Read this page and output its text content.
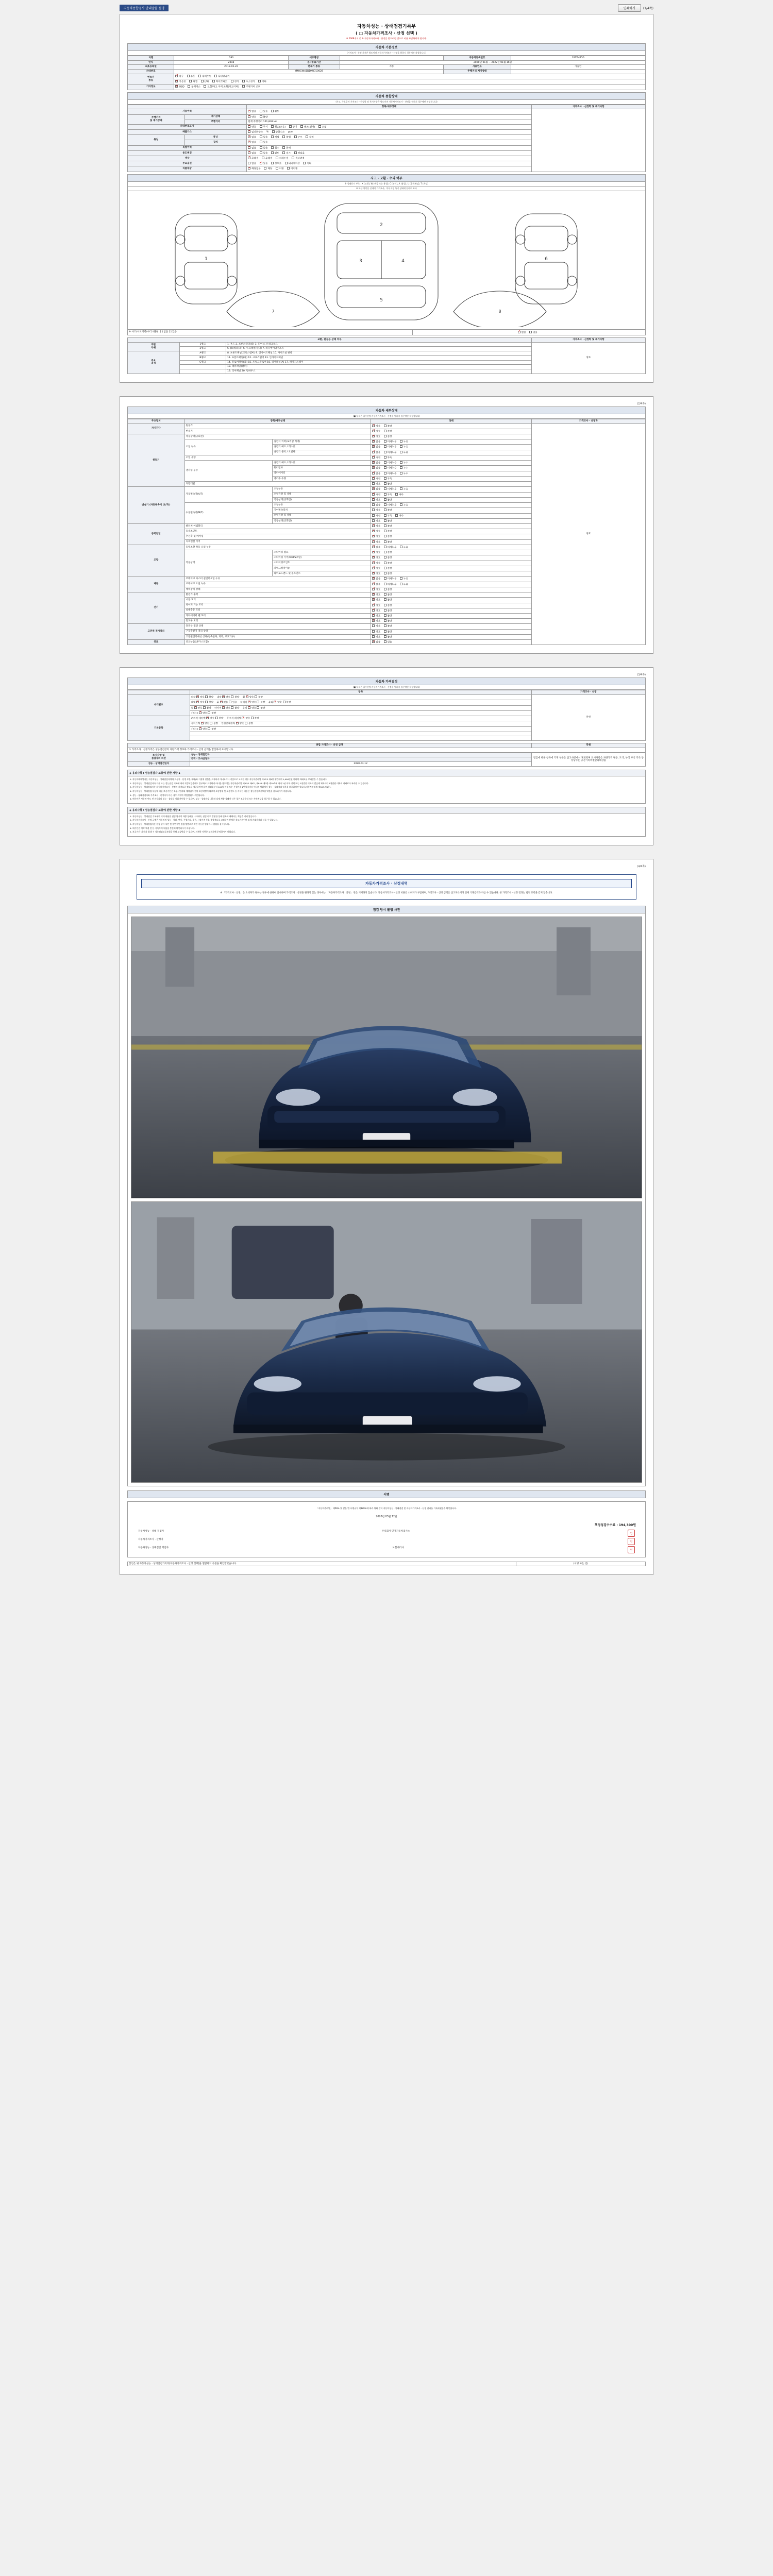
자동차종합검사·안내말씀·설명	인쇄하기	(1/4쪽)
자동차성능 · 상태점검기록부
( □ 자동차가격조사 · 산정 선택 )
※ 2068개지 중 ※ 자동차가격조사 · 산정을 받으려면 별도로 비용 부담하셔야 합니다.
자동차 기본정보
(가격조사 · 산정 가격은 별도이며 자동차가격조사 · 산정을 원하지 경우에만 작성합니다)
차명	G80	세부명칭		자동차등록번호	32ZA4756
연식	2018	검사유효기간	2020년 01월 ~ 2022년 01월 16일		
최초등록일	2018-02-22	변속기 종류	자동	사용연료	가솔린
차대번호	KMHGW41DDKU310028			주행거리 계기상태	
변속기
종류	✔자동 수동 세미오토 무단변속기
✔가솔린 디젤 LPG 하이브리드 전기 수소전기 기타
기타정보	✔OBD 블랙박스 보험/사고 이력 조회(사고이력) 주행거리 조회
자동차 종합상태
(사고, 주요골격 가격조사 · 산정학 및 특기사항은 별도이며 자동차가격조사 · 산정을 원하지 경우에만 작성합니다)
		항목/세부상태	가격조사 · 산정학 및 특기사항
사용이력	✔없음 있음 렌트	
주행거리
및 계기상태	계기상태	✔양호 불량
	주행거리	현재 주행거리 161,838 km	
차대번호표기	✔양호 부식 훼손(오손) 상이 변조(변타) 도말
배출가스	✔일산화탄소 % 탄화수소 ppm
튜닝	튜닝	✔없음 있음 적법 불법 구조 장치
	장치	✔없음 있음
특별이력	✔없음 있음 침수 화재
용도변경	✔없음 있음 렌트 리스 영업용
색상	✔무채색 유채색 전체도색 색상변경
주요옵션		없음 ✔ 있음 선루프 내비게이션 기타
리콜대상	✔해당없음 해당 이행 미이행
사고 · 교환 · 수리 여부
※ 상태표시 부호 : X (교환), W (판금 또는 용접), C (부식), A (흠집), U (움푹패임), T (손상)
※ 하단 항목은 실제의 가격조사, 기타 지정 특기 상태에 한하여 표시
1
2
3	4
5
6
7	8
※ 사고(사고이력/수리 내용) : [ ] 없음 [ ] 있음	✔없음	있음
교환, 판금등 상태 여부			가격조사 · 산정학 및 특기사항
외판
부위	1랭크	1. 후드 2. 프론트휀더(좌) 3. 도어 4. 트렁크리드	양호
	2랭크	5. (R)쿼터(좌) 6. 루프패널(휀더) 7. 라디에이터서포트	
주요
골격	A랭크	8. 프론트패널(크로스멤버) 9. 인사이드패널 10. 사이드실 판넬	
	B랭크	11. 프론트패널(좌) 12. 크로스멤버 13. 인사이드패널	
	C랭크	14. 플로어패널(좌) 15. 트렁크플로어 16. 리어패널(A) 17. 패키지트레이	
		18. 대쉬패널(휀더)	
		19. 리어패널 20. 휠하우스	
(2/4쪽)
자동차 세부상태
(■ 항목은 필수선정 자동차가격조사 · 산정을 원하지 경우에만 작성합니다)
주요장치	항목/세부상태		상태	가격조사 · 산정학
자기진단	원동기	✔양호 불량	양호
	변속기	✔양호 불량
원동기	작동상태(공회전)	✔양호 불량
	오일 누유	실린더 커버(로커암 커버)	✔없음 미세누유 누유
		실린더 헤드 / 개스킷	✔없음 미세누유 누유
		실린더 블록 / 오일팬	✔없음 미세누유 누유
	오일 유량	✔적정 부족
	냉각수 누수	실린더 헤드 / 개스킷	✔없음 미세누수 누수
		워터펌프	✔없음 미세누수 누수
		라디에이터	✔없음 미세누수 누수
		냉각수 수량	✔적정 부족
	커먼레일		양호 불량	
변속기 (자동변속기 (A/T))	자동변속기(A/T)	오일누유	✔없음 미세누유 누유
		오일유량 및 상태	✔적정 부족 과다
		작동상태(공회전)	✔양호 불량
	수동변속기(M/T)	오일누유	없음 미세누유 누유	
		기어변속장치	양호 불량	
		오일유량 및 상태	적정 부족 과다	
		작동상태(공회전)	양호 불량	
동력전달	클러치 어셈블리	✔양호 불량
	등속조인트	✔양호 불량
	추진축 및 베어링	✔양호 불량
	디퍼렌셜 기어	✔양호 불량
조향	동력조향 작동 오일 누유	✔없음 미세누유 누유
	작동상태	스티어링 펌프	✔양호 불량
		스티어링 기어(MDPS포함)	✔양호 불량
		스티어링조인트	✔양호 불량
		파워크러치이송	✔양호 불량
		타이로드엔드 및 볼조인트	✔양호 불량
제동	브레이크 마스터 실린더오일 누유	✔없음 미세누유 누유
	브레이크 오일 누유	✔없음 미세누유 누유
	배력장치 상태	✔양호 불량
전기	발전기 출력	✔양호 불량
	시동 모터	✔양호 불량
	와이퍼 기능 모터	✔양호 불량
	실내송풍 모터	✔양호 불량
	라디에이터 팬 모터	✔양호 불량
	윈도우 모터	✔양호 불량
고전원 전기장치	충전구 절연 상태		양호 불량	
	구동축전지 격리 상태		양호 불량	
	고전원전기배선 상태(접속단자, 피복, 보호기구)		양호 불량	
연료	연료누출(LP가스포함)	✔없음 있음
(3/4쪽)
자동차 가격결정
(■ 항목은 필수선정 자동차가격조사 · 산정을 원하지 경우에만 작성합니다)
	항목	가격조사 · 산정
수리필요	외장 ✔ 양호 불량 내장 ✔ 양호 불량 휠 ✔ 양호 불량	만원
	광택 ✔ 양호 불량 룸 ✔ 없음 있음 타이어 ✔ 양호 불량 유리 ✔ 양호 불량
	휠 ✔ 양호 불량 타이어 ✔ 양호 불량 유리 ✔ 양호 불량
	기타( ) ✔ 양호 불량
기본품목	운전석 에어백 ✔ 양호 불량 동승석 에어백 ✔ 양호 불량
	사이드백 ✔ 양호 불량 안전교체장치 ✔ 양호 불량
	기타( ) ✔ 양호 불량

종합 가격조사 · 산정 금액	만원
① 가격조사 · 산정가격은 성능점검장의 차량가액 정보와 가격조사 · 산정 금액을 합산하여 표시합니다.
특기사항 및
점검자의 의견	성능 · 상태점검자	점검에 따른 항목에 기재 부분은 참고사항에서 제외되며 표시사항은 차량가격 변동, 도색, 부식 부식 기록 등 상당수는 공간기록특별관리대상품
	가격 · 조사산정자	
성능 · 상태점검일자	2020-03-12	
◈ 유의사항 : 성능점검자 보증에 관한 사항 1

1. 자동차매매업자는 자동차성능 · 상태점검자에게(자동차 · 산정 부분 제외)와 거짓에 산출을 고지하지 아니하거나 거짓으로 고지한 경우 자동차관리법 제57조 제4항 위반하여 1,000만원 이하의 과태료를 부과받을 수 있습니다.

2. 자동차성능 · 상태점검자가 거짓 또는 성능점검 기록에 따라 작성되었음에도 불구하고 고지하지 아니한 경우에는 자동차관리법 제80조 제6호, 제84조 제2항 제10호에 따라 2년 이하 징역 또는 2천만원 이하의 벌금에 처하거나 1천만원 이하의 과태료가 부과될 수 있습니다.

3. 자동차성능 · 상태점검자는 자동차가격조사 · 산정자 자격으로 정보를 제공하여야 하며 점검일부터 120일 이내 또는 주행거리 2만킬로미터 이내의 범위에서 성능 · 상태점검 내용을 보증하여야 합니다(자동차관리법 제58조제6항).

4. 자동차성능 · 상태점검 내용에 대한 보증기간은 보험사업자와 매매업자 간의 보증약정에 따르며 보증범위 및 보증한도 등 자세한 내용은 성능점검보증보험 약관을 참조하시기 바랍니다.

5. 성능 · 상태점검자와 가격조사 · 산정자가 다른 경우 각각의 책임범위가 구분됩니다.

6. 매수인은 자동차 인도 전 자동차의 성능 · 상태를 직접 확인할 수 있으며, 성능 · 상태점검 내용과 실제 차량 상태가 다른 경우 보증수리 또는 손해배상을 청구할 수 있습니다.

◈ 유의사항 : 성능점검자 보증에 관한 사항 2

1. 자동차성능 · 상태점검 기록부의 기재 내용은 점검 당시의 차량 상태를 나타내며, 점검 이후 발생한 상태 변화에 대해서는 책임을 지지 않습니다.

2. 자동차가격조사 · 산정 금액은 자동차의 성능 · 상태, 연식, 주행거리, 옵션, 시장가격 등을 종합적으로 고려하여 산정한 참고가격이며 실제 거래가격과 다를 수 있습니다.

3. 자동차성능 · 상태점검자는 점검 당시 육안 및 일반적인 점검 방법으로 확인 가능한 범위에서 점검을 실시합니다.

4. 매수인은 계약 체결 전 본 기록부의 내용을 충분히 확인하시기 바랍니다.

5. 보증기간 내 하자 발생 시 성능점검보증보험을 통해 보상받을 수 있으며, 자세한 사항은 보험사에 문의하시기 바랍니다.

(4/4쪽)
자동차가격조사 · 산정내역
※ 「가격조사 · 산정」은 소비자가 원하는 경우에 한하여 실시하며 가격조사 · 산정을 원하지 않는 경우에는 「자동차가격조사 · 산정」 란은 기재하지 않습니다. 자동차가격조사 · 산정 비용은 소비자가 부담하며, 가격조사 · 산정 금액은 참고자료이며 실제 거래금액과 다를 수 있습니다. 본 가격조사 · 산정 결과는 법적 효력을 갖지 않습니다.
점검 당시 촬영 사진
서명
「자동차관리법」 제58조 및 같은 법 시행규칙 제120조에 따라 위와 같이 자동차성능 · 상태점검 및 자동차가격조사 · 산정 결과를 기록하였음을 확인합니다.
2020년 03월 12일
책정성검수수료 : 194,300원
자동차성능 · 상태 점검자	주식회사 민경자동차검사소
인
자동차가격조사 · 산정자
인
자동차성능 · 상태점검 책임자	보험대리사
인
본인은 위 자동차성능 · 상태점검기록부[자동차가격조사 · 산정 선택]을 열람하고 사본을 확인받았습니다.	(서명 또는 인)
